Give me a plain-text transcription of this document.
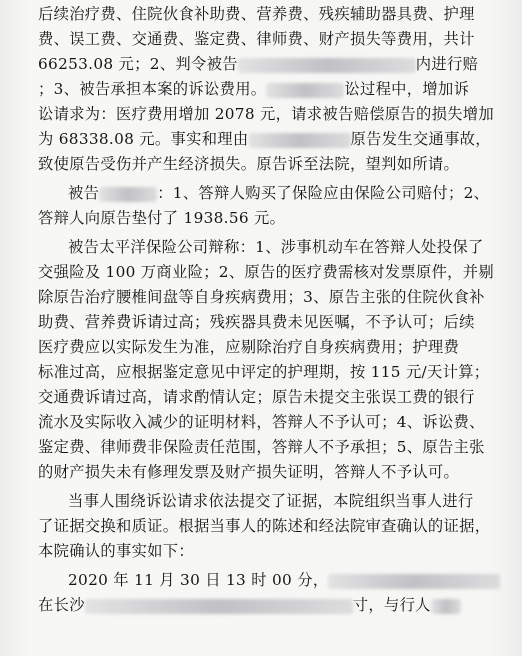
后续治疗费、住院伙食补助费、营养费、残疾辅助器具费、护理
费、误工费、交通费、鉴定费、律师费、财产损失等费用，共计
66253.08 元；2、判令被告	内进行赔
；3、被告承担本案的诉讼费用。	讼过程中，增加诉
讼请求为：医疗费用增加 2078 元，请求被告赔偿原告的损失增加
为 68338.08 元。事实和理由	原告发生交通事故，
致使原告受伤并产生经济损失。原告诉至法院，望判如所请。
被告	：1、答辩人购买了保险应由保险公司赔付；2、
答辩人向原告垫付了 1938.56 元。
被告太平洋保险公司辩称：1、涉事机动车在答辩人处投保了
交强险及 100 万商业险；2、原告的医疗费需核对发票原件，并剔
除原告治疗腰椎间盘等自身疾病费用；3、原告主张的住院伙食补
助费、营养费诉请过高；残疾器具费未见医嘱，不予认可；后续
医疗费应以实际发生为准，应剔除治疗自身疾病费用；护理费
标准过高，应根据鉴定意见中评定的护理期，按 115 元/天计算；
交通费诉请过高，请求酌情认定；原告未提交主张误工费的银行
流水及实际收入减少的证明材料，答辩人不予认可；4、诉讼费、
鉴定费、律师费非保险责任范围，答辩人不予承担；5、原告主张
的财产损失未有修理发票及财产损失证明，答辩人不予认可。
当事人围绕诉讼请求依法提交了证据，本院组织当事人进行
了证据交换和质证。根据当事人的陈述和经法院审查确认的证据，
本院确认的事实如下：
2020 年 11 月 30 日 13 时 00 分，
在长沙	寸，与行人
